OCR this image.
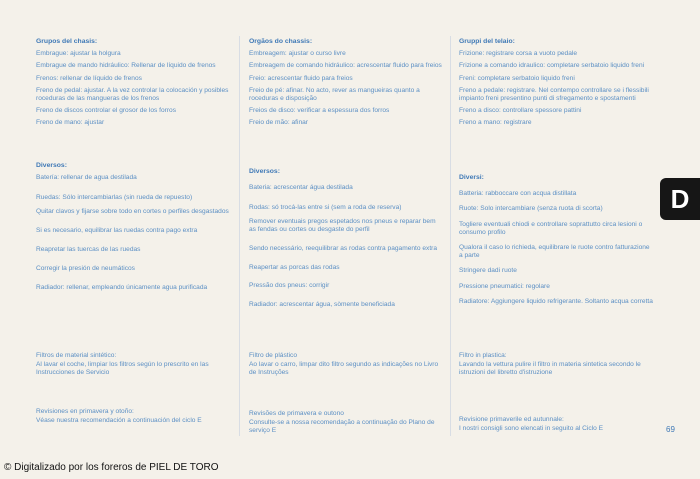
Grupos del chasis:
Embrague: ajustar la holgura
Embrague de mando hidráulico: Rellenar de líquido de frenos
Frenos: rellenar de líquido de frenos
Freno de pedal: ajustar. A la vez controlar la colocación y posibles roceduras de las mangueras de los frenos
Freno de discos controlar el grosor de los forros
Freno de mano: ajustar
Diversos:
Batería: rellenar de agua destilada
Ruedas: Sólo intercambiarlas (sin rueda de repuesto)
Quitar clavos y fijarse sobre todo en cortes o perfiles desgastados
Si es necesario, equilibrar las ruedas contra pago extra
Reapretar las tuercas de las ruedas
Corregir la presión de neumáticos
Radiador: rellenar, empleando únicamente agua purificada
Filtros de material sintético:
Al lavar el coche, limpiar los filtros según lo prescrito en las Instrucciones de Servicio
Revisiones en primavera y otoño:
Véase nuestra recomendación a continuación del ciclo E
Orgãos do chassis:
Embreagem: ajustar o curso livre
Embreagem de comando hidráulico: acrescentar fluido para freios
Freio: acrescentar fluido para freios
Freio de pé: afinar. No acto, rever as mangueiras quanto a roceduras e disposição
Freios de disco: verificar a espessura dos forros
Freio de mão: afinar
Diversos:
Bateria: acrescentar água destilada
Rodas: só trocá-las entre si (sem a roda de reserva)
Remover eventuais pregos espetados nos pneus e reparar bem as fendas ou cortes ou desgaste do perfil
Sendo necessário, reequilibrar as rodas contra pagamento extra
Reapertar as porcas das rodas
Pressão dos pneus: corrigir
Radiador: acrescentar água, sòmente beneficiada
Filtro de plástico
Ao lavar o carro, limpar dito filtro segundo as indicações no Livro de Instruções
Revisões de primavera e outono
Consulte-se a nossa recomendação a continuação do Plano de serviço E
Gruppi del telaio:
Frizione: registrare corsa a vuoto pedale
Frizione a comando idraulico: completare serbatoio liquido freni
Freni: completare serbatoio liquido freni
Freno a pedale: registrare. Nel contempo controllare se i flessibili impianto freni presentino punti di sfregamento e spostamenti
Freno a disco: controllare spessore pattini
Freno a mano: registrare
Diversi:
Batteria: rabboccare con acqua distillata
Ruote: Solo intercambiare (senza ruota di scorta)
Togliere eventuali chiodi e controllare soprattutto circa lesioni o consumo profilo
Qualora il caso lo richieda, equilibrare le ruote contro fatturazione a parte
Stringere dadi ruote
Pressione pneumatici: regolare
Radiatore: Aggiungere liquido refrigerante. Soltanto acqua corretta
Filtro in plastica:
Lavando la vettura pulire il filtro in materia sintetica secondo le istruzioni del libretto d'istruzione
Revisione primaverile ed autunnale:
I nostri consigli sono elencati in seguito al Ciclo E
D
69
© Digitalizado por los foreros de PIEL DE TORO
